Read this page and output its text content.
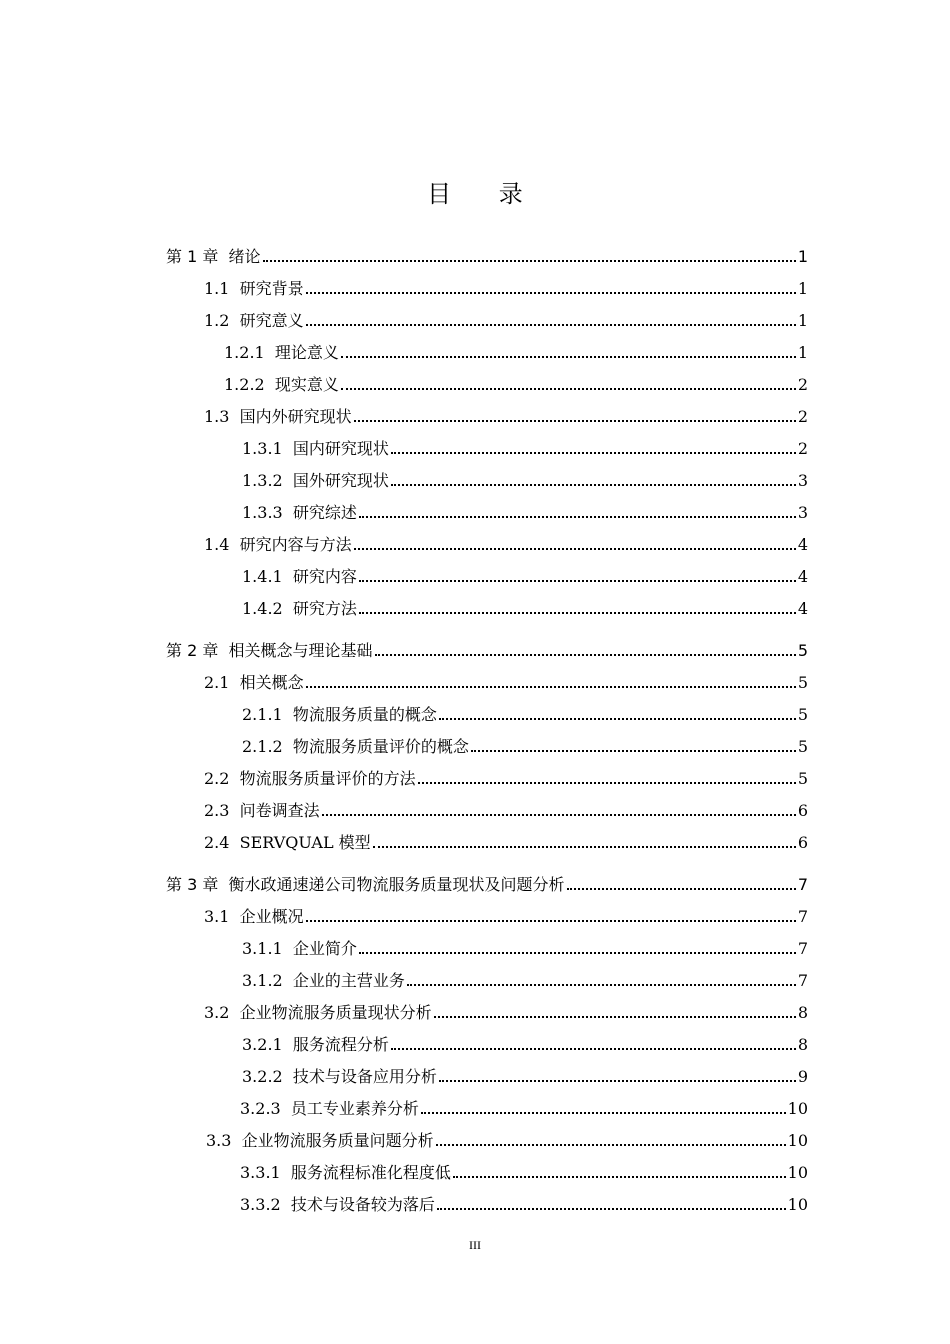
目 录
第 1 章  绪论	1
1.1  研究背景	1
1.2  研究意义	1
1.2.1  理论意义	1
1.2.2  现实意义	2
1.3  国内外研究现状	2
1.3.1  国内研究现状	2
1.3.2  国外研究现状	3
1.3.3  研究综述	3
1.4  研究内容与方法	4
1.4.1  研究内容	4
1.4.2  研究方法	4
第 2 章  相关概念与理论基础	5
2.1  相关概念	5
2.1.1  物流服务质量的概念	5
2.1.2  物流服务质量评价的概念	5
2.2  物流服务质量评价的方法	5
2.3  问卷调查法	6
2.4  SERVQUAL 模型	6
第 3 章  衡水政通速递公司物流服务质量现状及问题分析	7
3.1  企业概况	7
3.1.1  企业简介	7
3.1.2  企业的主营业务	7
3.2  企业物流服务质量现状分析	8
3.2.1  服务流程分析	8
3.2.2  技术与设备应用分析	9
3.2.3  员工专业素养分析	10
3.3  企业物流服务质量问题分析	10
3.3.1  服务流程标准化程度低	10
3.3.2  技术与设备较为落后	10
III
